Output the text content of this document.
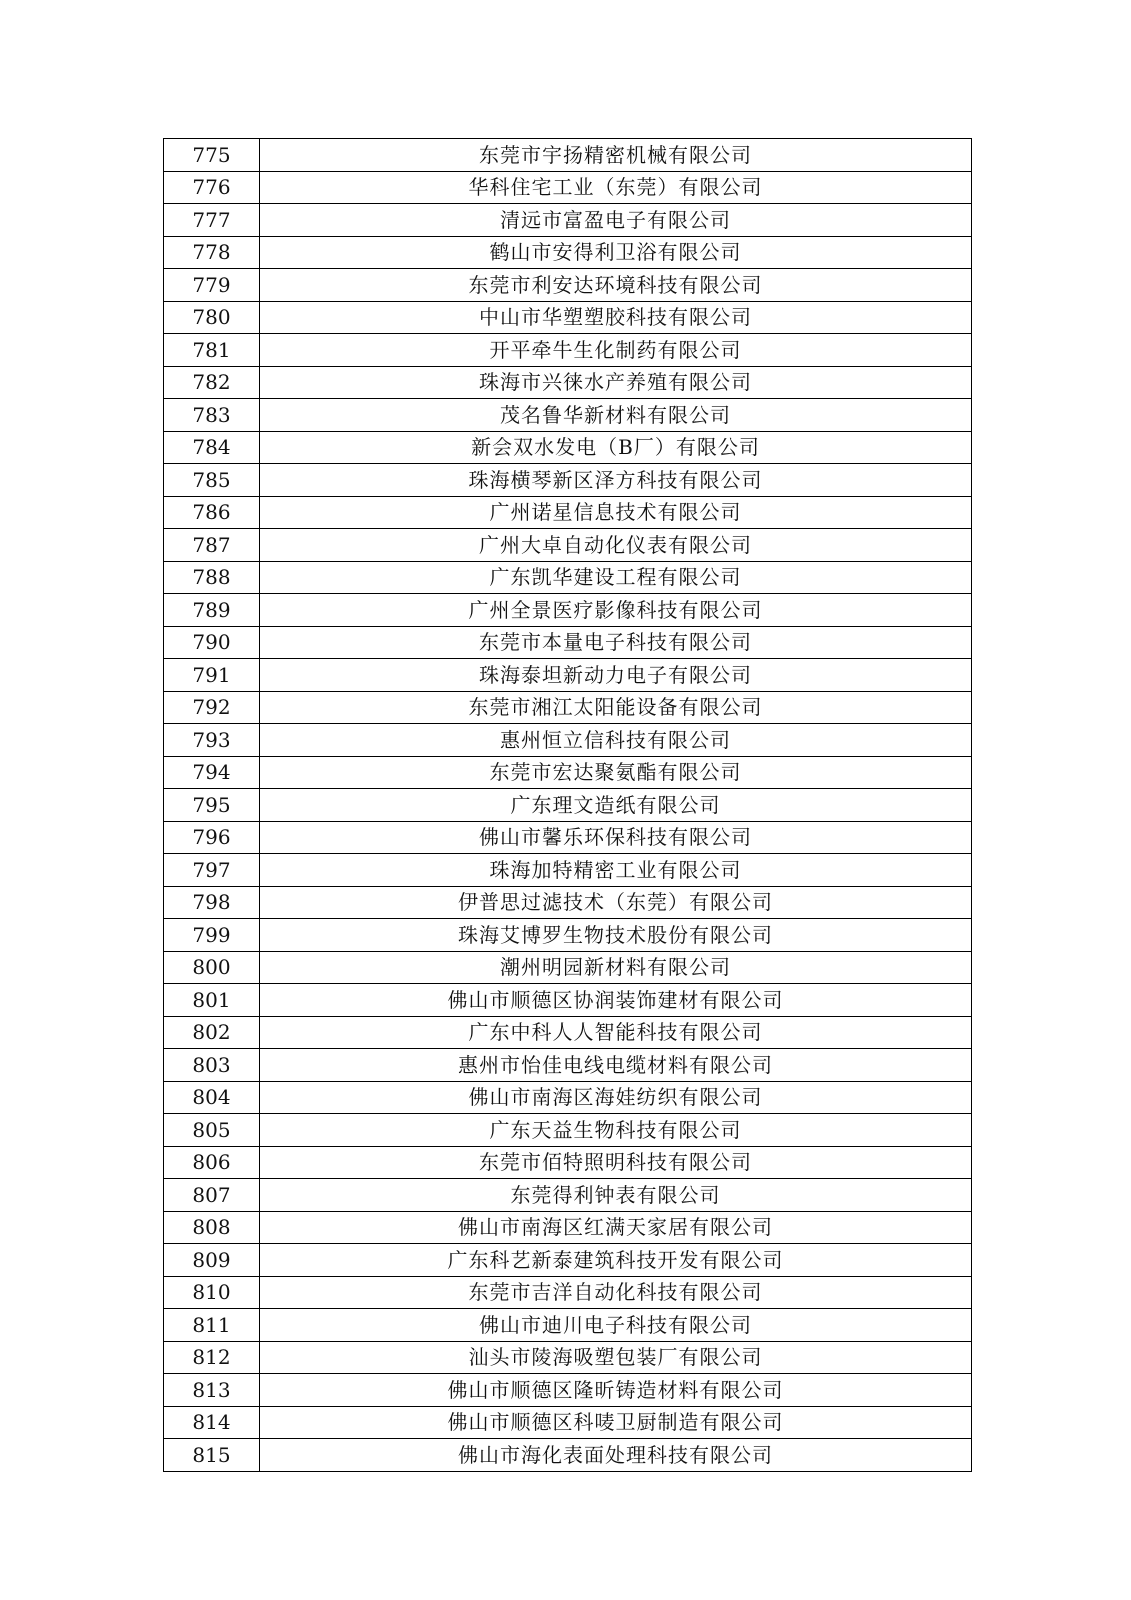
775	东莞市宇扬精密机械有限公司
776	华科住宅工业（东莞）有限公司
777	清远市富盈电子有限公司
778	鹤山市安得利卫浴有限公司
779	东莞市利安达环境科技有限公司
780	中山市华塑塑胶科技有限公司
781	开平牵牛生化制药有限公司
782	珠海市兴徕水产养殖有限公司
783	茂名鲁华新材料有限公司
784	新会双水发电（B厂）有限公司
785	珠海横琴新区泽方科技有限公司
786	广州诺星信息技术有限公司
787	广州大卓自动化仪表有限公司
788	广东凯华建设工程有限公司
789	广州全景医疗影像科技有限公司
790	东莞市本量电子科技有限公司
791	珠海泰坦新动力电子有限公司
792	东莞市湘江太阳能设备有限公司
793	惠州恒立信科技有限公司
794	东莞市宏达聚氨酯有限公司
795	广东理文造纸有限公司
796	佛山市馨乐环保科技有限公司
797	珠海加特精密工业有限公司
798	伊普思过滤技术（东莞）有限公司
799	珠海艾博罗生物技术股份有限公司
800	潮州明园新材料有限公司
801	佛山市顺德区协润装饰建材有限公司
802	广东中科人人智能科技有限公司
803	惠州市怡佳电线电缆材料有限公司
804	佛山市南海区海娃纺织有限公司
805	广东天益生物科技有限公司
806	东莞市佰特照明科技有限公司
807	东莞得利钟表有限公司
808	佛山市南海区红满天家居有限公司
809	广东科艺新泰建筑科技开发有限公司
810	东莞市吉洋自动化科技有限公司
811	佛山市迪川电子科技有限公司
812	汕头市陵海吸塑包装厂有限公司
813	佛山市顺德区隆昕铸造材料有限公司
814	佛山市顺德区科唛卫厨制造有限公司
815	佛山市海化表面处理科技有限公司
